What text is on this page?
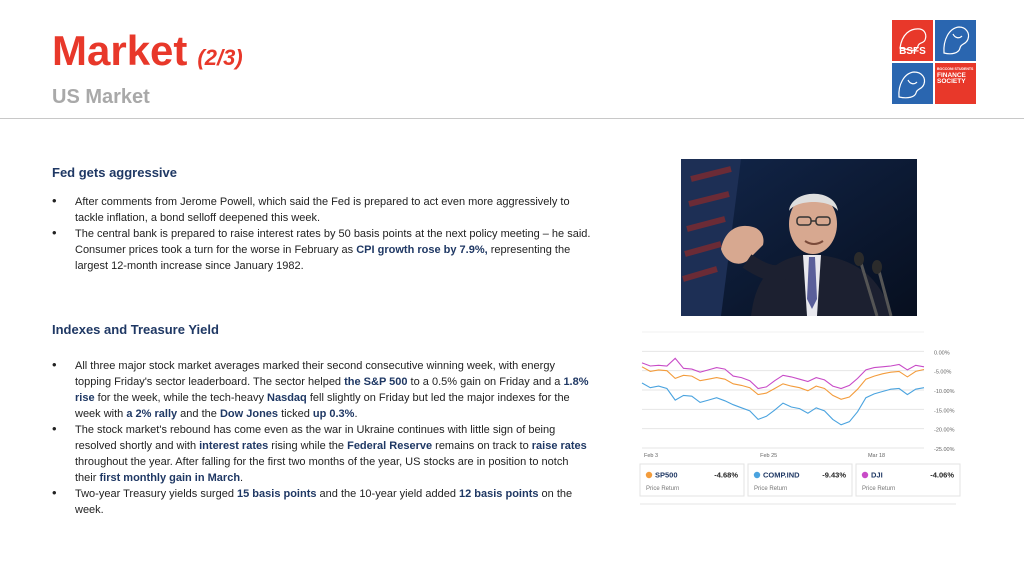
Market (2/3)
US Market
BSFS
BOCCONI STUDENTS
FINANCE
SOCIETY
Fed gets aggressive
• After comments from Jerome Powell, which said the Fed is prepared to act even more aggressively to tackle inflation, a bond selloff deepened this week.
• The central bank is prepared to raise interest rates by 50 basis points at the next policy meeting – he said. Consumer prices took a turn for the worse in February as CPI growth rose by 7.9%, representing the largest 12-month increase since January 1982.
Indexes and Treasure Yield
• All three major stock market averages marked their second consecutive winning week, with energy topping Friday's sector leaderboard. The sector helped the S&P 500 to a 0.5% gain on Friday and a 1.8% rise for the week, while the tech-heavy Nasdaq fell slightly on Friday but led the major indexes for the week with a 2% rally and the Dow Jones ticked up 0.3%.
• The stock market's rebound has come even as the war in Ukraine continues with little sign of being resolved shortly and with interest rates rising while the Federal Reserve remains on track to raise rates throughout the year. After falling for the first two months of the year, US stocks are in position to notch their first monthly gain in March.
• Two-year Treasury yields surged 15 basis points and the 10-year yield added 12 basis points on the week.
0.00%
-5.00%
-10.00%
-15.00%
-20.00%
-25.00%
Feb 3	Feb 25	Mar 18
SP500	-4.68%
Price Return
COMP.IND	-9.43%
Price Return
DJI	-4.06%
Price Return
